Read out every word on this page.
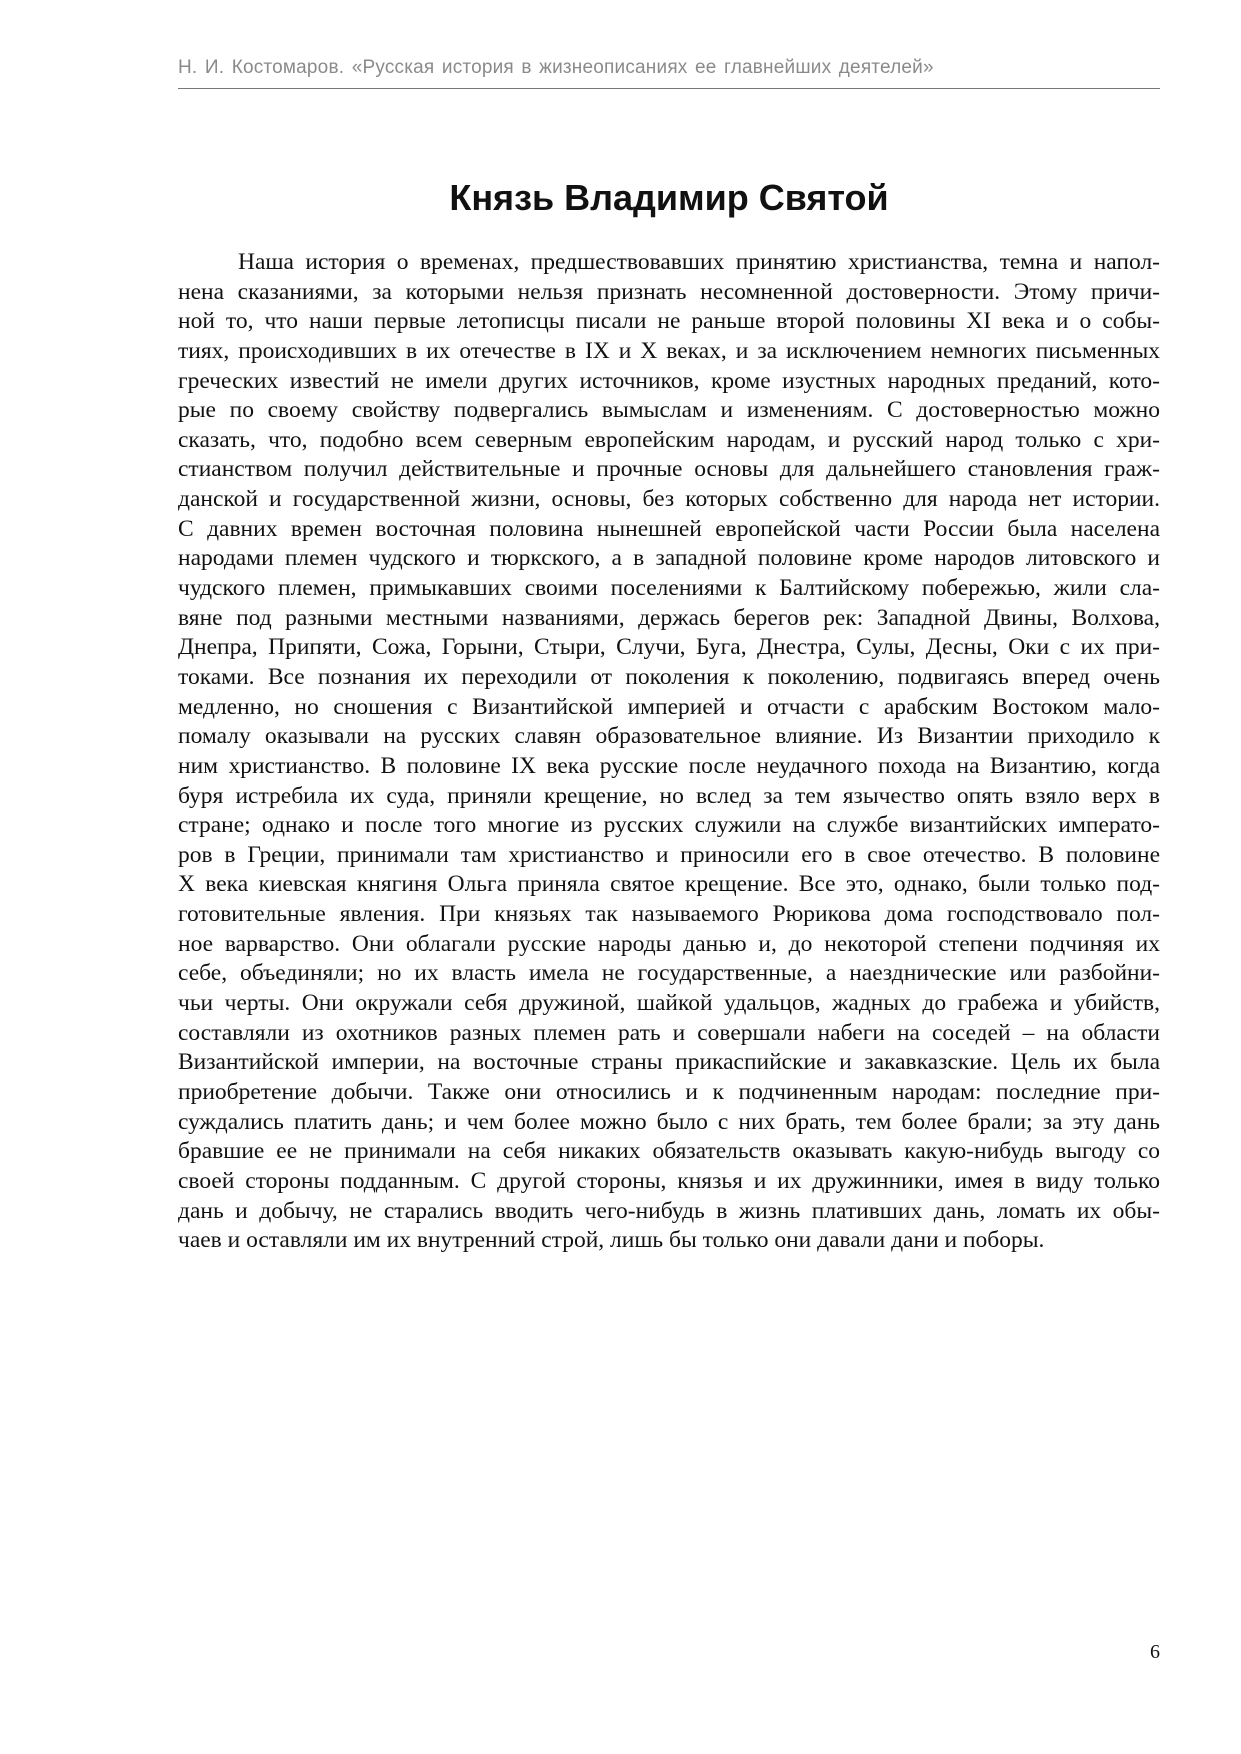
Н. И. Костомаров. «Русская история в жизнеописаниях ее главнейших деятелей»
Князь Владимир Святой
Наша история о временах, предшествовавших принятию христианства, темна и напол-
нена сказаниями, за которыми нельзя признать несомненной достоверности. Этому причи-
ной то, что наши первые летописцы писали не раньше второй половины XI века и о собы-
тиях, происходивших в их отечестве в IX и X веках, и за исключением немногих письменных
греческих известий не имели других источников, кроме изустных народных преданий, кото-
рые по своему свойству подвергались вымыслам и изменениям. С достоверностью можно
сказать, что, подобно всем северным европейским народам, и русский народ только с хри-
стианством получил действительные и прочные основы для дальнейшего становления граж-
данской и государственной жизни, основы, без которых собственно для народа нет истории.
С давних времен восточная половина нынешней европейской части России была населена
народами племен чудского и тюркского, а в западной половине кроме народов литовского и
чудского племен, примыкавших своими поселениями к Балтийскому побережью, жили сла-
вяне под разными местными названиями, держась берегов рек: Западной Двины, Волхова,
Днепра, Припяти, Сожа, Горыни, Стыри, Случи, Буга, Днестра, Сулы, Десны, Оки с их при-
токами. Все познания их переходили от поколения к поколению, подвигаясь вперед очень
медленно, но сношения с Византийской империей и отчасти с арабским Востоком мало-
помалу оказывали на русских славян образовательное влияние. Из Византии приходило к
ним христианство. В половине IX века русские после неудачного похода на Византию, когда
буря истребила их суда, приняли крещение, но вслед за тем язычество опять взяло верх в
стране; однако и после того многие из русских служили на службе византийских императо-
ров в Греции, принимали там христианство и приносили его в свое отечество. В половине
X века киевская княгиня Ольга приняла святое крещение. Все это, однако, были только под-
готовительные явления. При князьях так называемого Рюрикова дома господствовало пол-
ное варварство. Они облагали русские народы данью и, до некоторой степени подчиняя их
себе, объединяли; но их власть имела не государственные, а наезднические или разбойни-
чьи черты. Они окружали себя дружиной, шайкой удальцов, жадных до грабежа и убийств,
составляли из охотников разных племен рать и совершали набеги на соседей – на области
Византийской империи, на восточные страны прикаспийские и закавказские. Цель их была
приобретение добычи. Также они относились и к подчиненным народам: последние при-
суждались платить дань; и чем более можно было с них брать, тем более брали; за эту дань
бравшие ее не принимали на себя никаких обязательств оказывать какую-нибудь выгоду со
своей стороны подданным. С другой стороны, князья и их дружинники, имея в виду только
дань и добычу, не старались вводить чего-нибудь в жизнь плативших дань, ломать их обы-
чаев и оставляли им их внутренний строй, лишь бы только они давали дани и поборы.
6
